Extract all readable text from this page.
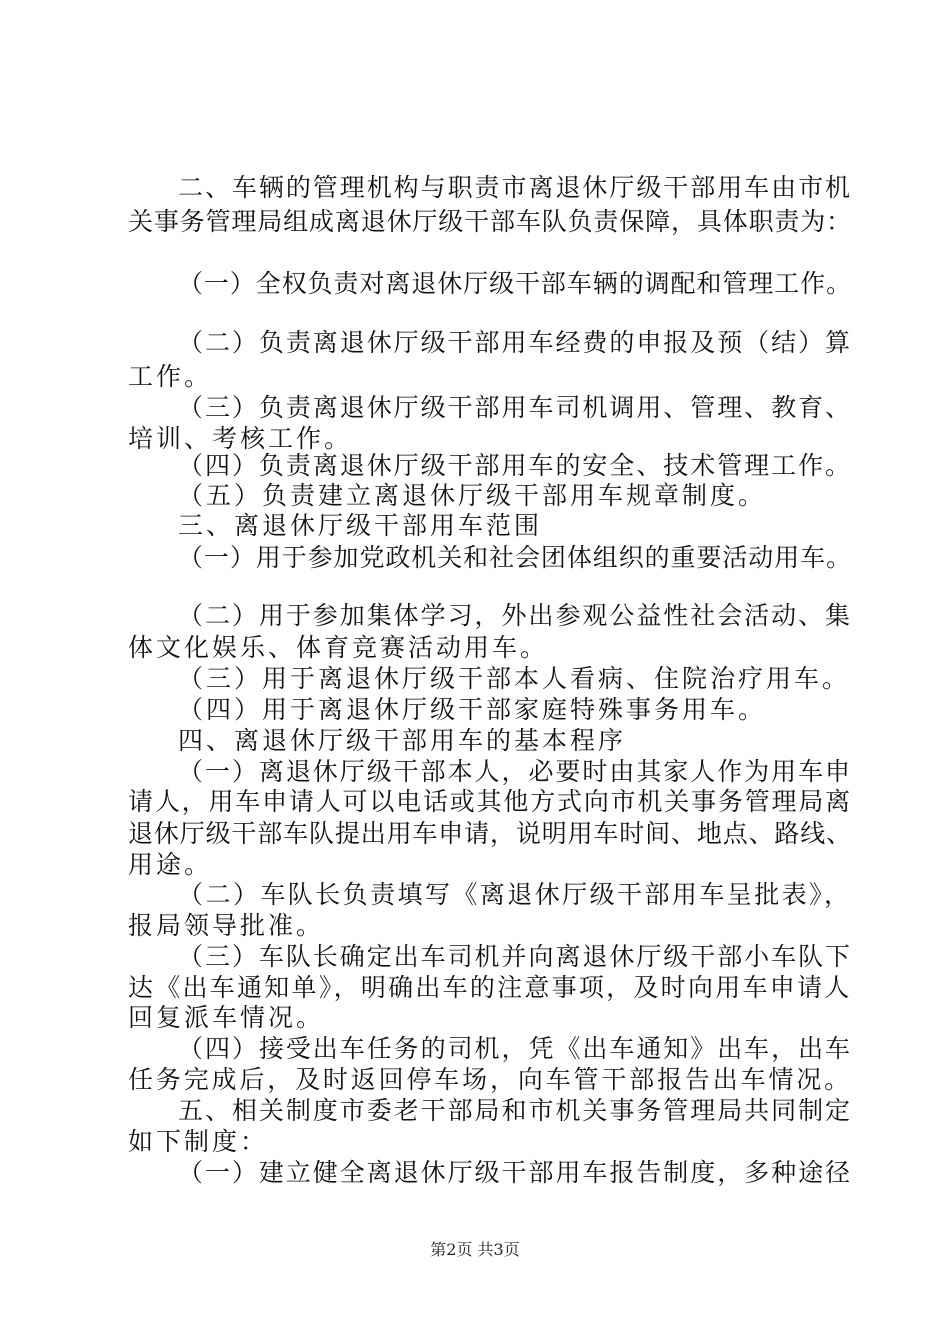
二、车辆的管理机构与职责市离退休厅级干部用车由市机
关事务管理局组成离退休厅级干部车队负责保障，具体职责为：
（一）全权负责对离退休厅级干部车辆的调配和管理工作。
（二）负责离退休厅级干部用车经费的申报及预（结）算
工作。
（三）负责离退休厅级干部用车司机调用、管理、教育、
培训、考核工作。
（四）负责离退休厅级干部用车的安全、技术管理工作。
（五）负责建立离退休厅级干部用车规章制度。
三、离退休厅级干部用车范围
（一）用于参加党政机关和社会团体组织的重要活动用车。
（二）用于参加集体学习，外出参观公益性社会活动、集
体文化娱乐、体育竞赛活动用车。
（三）用于离退休厅级干部本人看病、住院治疗用车。
（四）用于离退休厅级干部家庭特殊事务用车。
四、离退休厅级干部用车的基本程序
（一）离退休厅级干部本人，必要时由其家人作为用车申
请人，用车申请人可以电话或其他方式向市机关事务管理局离
退休厅级干部车队提出用车申请，说明用车时间、地点、路线、
用途。
（二）车队长负责填写《离退休厅级干部用车呈批表》，
报局领导批准。
（三）车队长确定出车司机并向离退休厅级干部小车队下
达《出车通知单》，明确出车的注意事项，及时向用车申请人
回复派车情况。
（四）接受出车任务的司机，凭《出车通知》出车，出车
任务完成后，及时返回停车场，向车管干部报告出车情况。
五、相关制度市委老干部局和市机关事务管理局共同制定
如下制度：
（一）建立健全离退休厅级干部用车报告制度，多种途径
第2页 共3页
